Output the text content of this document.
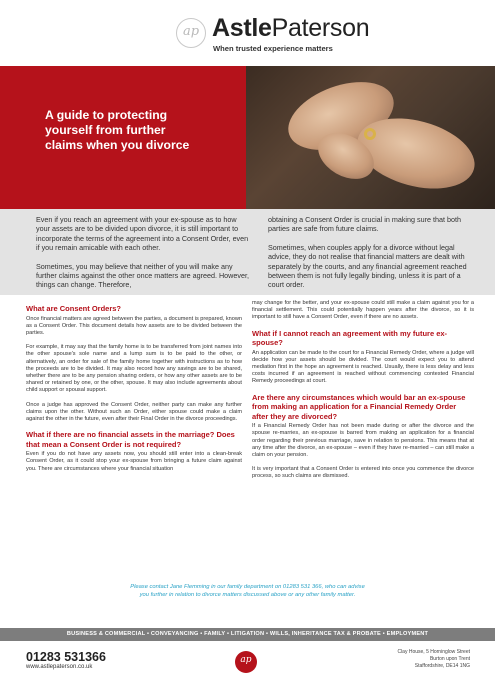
ap AstlePaterson
When trusted experience matters
A guide to protecting
yourself from further
claims when you divorce

Even if you reach an agreement with your ex-spouse as to how your assets are to be divided upon divorce, it is still important to incorporate the terms of the agreement into a Consent Order, even if you remain amicable with each other.

Sometimes, you may believe that neither of you will make any further claims against the other once matters are agreed. However, things can change. Therefore,

obtaining a Consent Order is crucial in making sure that both parties are safe from future claims.

Sometimes, when couples apply for a divorce without legal advice, they do not realise that financial matters are dealt with separately by the courts, and any financial agreement reached between them is not fully legally binding, unless it is part of a court order.

What are Consent Orders?

Once financial matters are agreed between the parties, a document is prepared, known as a Consent Order. This document details how assets are to be divided between the parties.

For example, it may say that the family home is to be transferred from joint names into the other spouse's sole name and a lump sum is to be paid to the other, or alternatively, an order for sale of the family home together with instructions as to how the proceeds are to be divided. It may also record how any savings are to be shared, whether there are to be any pension sharing orders, or how any other assets are to be shared or retained by one, or the other, spouse. It may also include agreements about child support or spousal support.

Once a judge has approved the Consent Order, neither party can make any further claims upon the other. Without such an Order, either spouse could make a claim against the other in the future, even after their Final Order in the divorce proceedings.

What if there are no financial assets in the marriage? Does that mean a Consent Order is not required?

Even if you do not have any assets now, you should still enter into a clean-break Consent Order, as it could stop your ex-spouse from bringing a future claim against you. There are circumstances where your financial situation

may change for the better, and your ex-spouse could still make a claim against you for a financial settlement. This could potentially happen years after the divorce, so it is important to still have a Consent Order, even if there are no assets.

What if I cannot reach an agreement with my future ex-spouse?

An application can be made to the court for a Financial Remedy Order, where a judge will decide how your assets should be divided. The court would expect you to attend mediation first in the hope an agreement is reached. Usually, there is less delay and less costs incurred if an agreement is reached without commencing contested Financial Remedy proceedings at court.

Are there any circumstances which would bar an ex-spouse from making an application for a Financial Remedy Order after they are divorced?

If a Financial Remedy Order has not been made during or after the divorce and the spouse re-marries, an ex-spouse is barred from making an application for a financial order regarding their previous marriage, save in relation to pensions. This means that at any time after the divorce, an ex-spouse – even if they have re-married – can still make a claim on your pension.

It is very important that a Consent Order is entered into once you commence the divorce process, so such claims are dismissed.

Please contact Jane Flemming in our family department on 01283 531 366, who can advise
you further in relation to divorce matters discussed above or any other family matter.
BUSINESS & COMMERCIAL • CONVEYANCING • FAMILY • LITIGATION • WILLS, INHERITANCE TAX & PROBATE • EMPLOYMENT
01283 531366
www.astlepaterson.co.uk
ap
Clay House, 5 Horninglow Street
Burton upon Trent
Staffordshire, DE14 1NG
